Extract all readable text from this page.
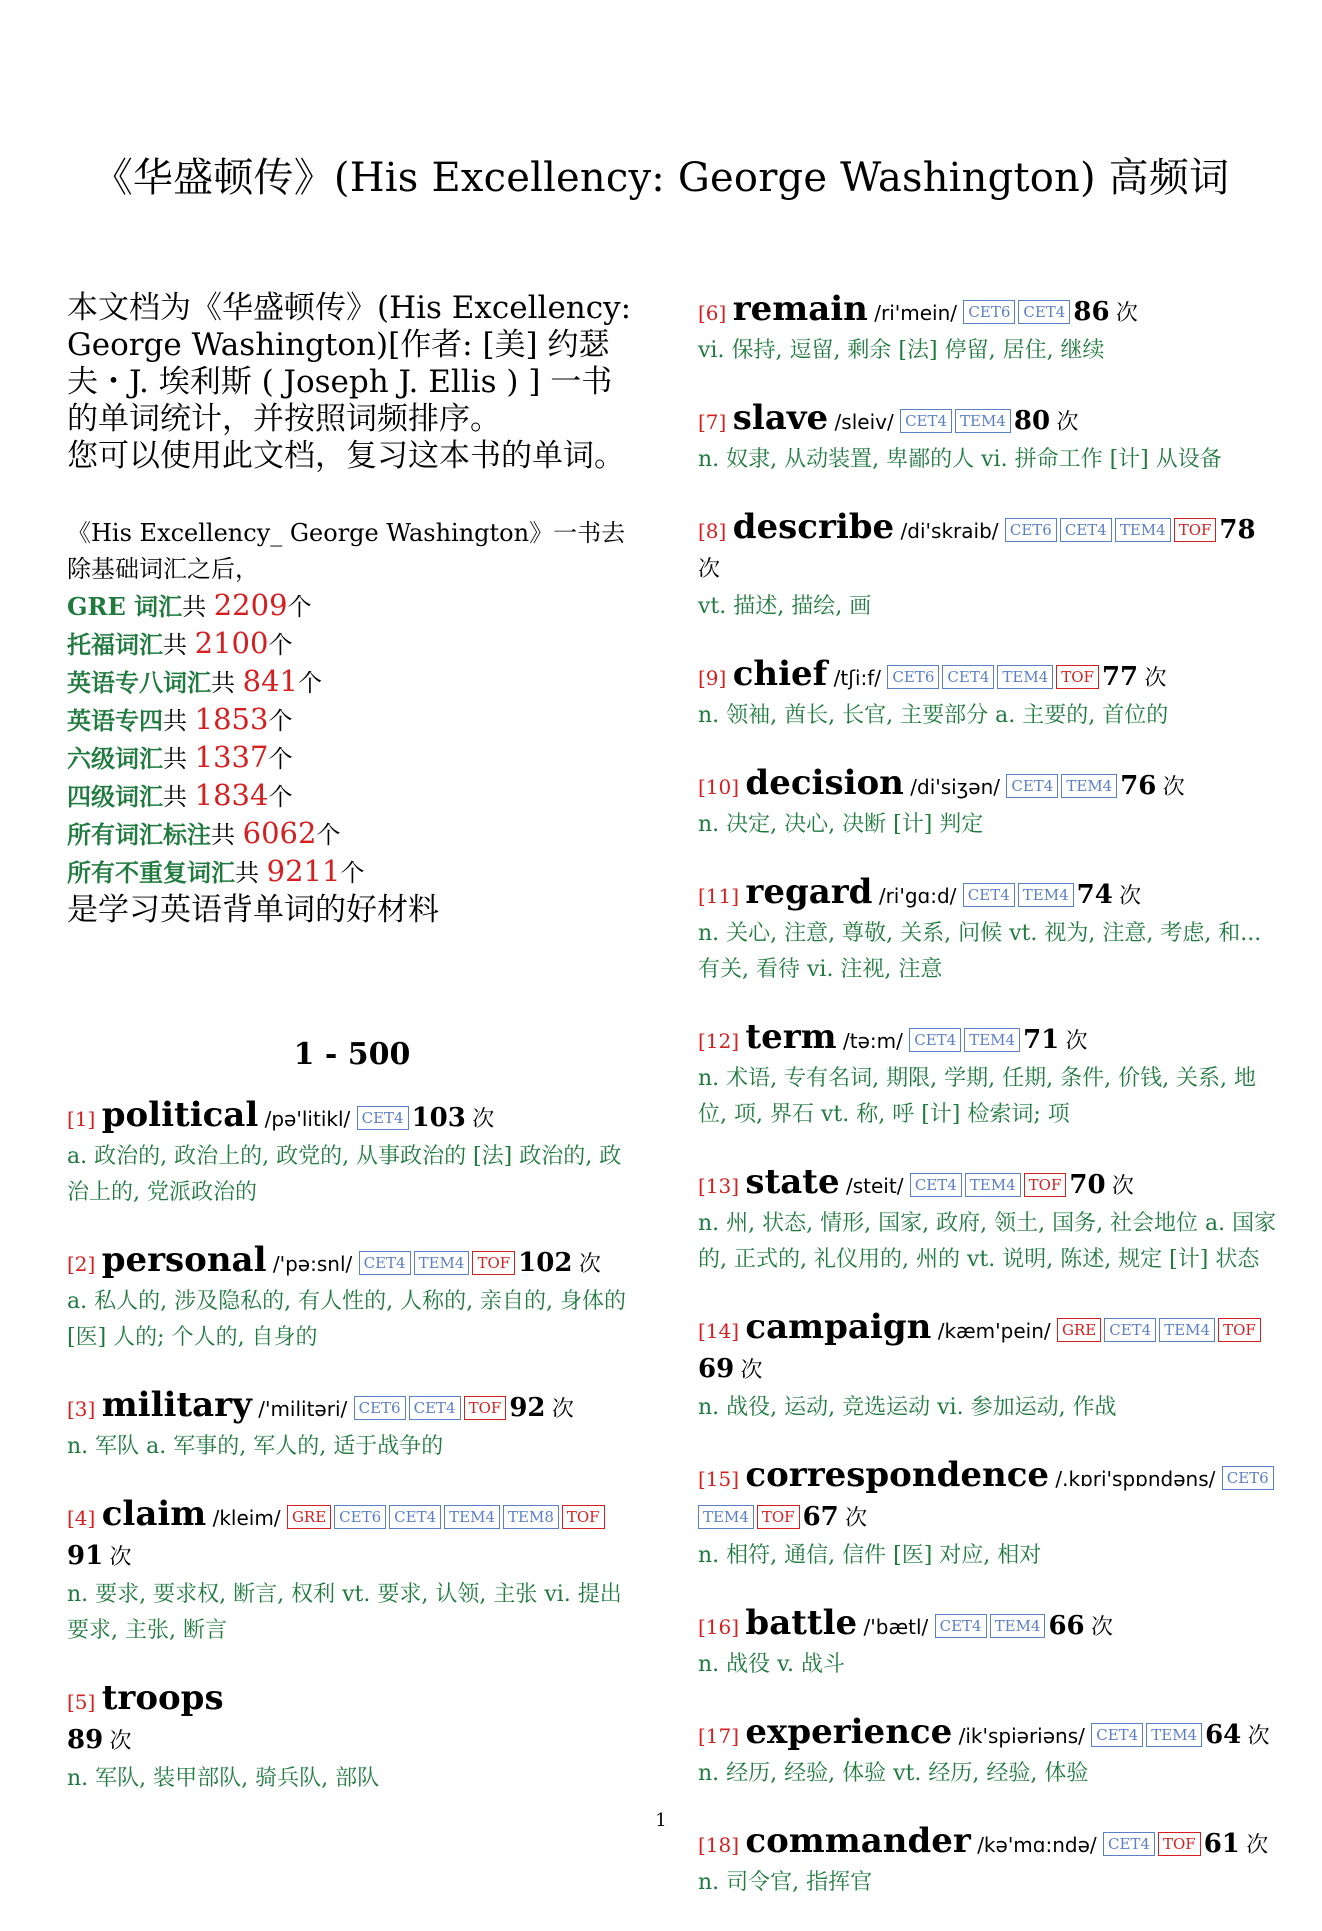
《华盛顿传》(His Excellency: George Washington) 高频词
本文档为《华盛顿传》(His Excellency: George Washington)[作者: [美] 约瑟夫・J. 埃利斯 ( Joseph J. Ellis ) ] 一书的单词统计，并按照词频排序。
您可以使用此文档，复习这本书的单词。
《His Excellency_ George Washington》一书去除基础词汇之后，
GRE 词汇共 2209个
托福词汇共 2100个
英语专八词汇共 841个
英语专四共 1853个
六级词汇共 1337个
四级词汇共 1834个
所有词汇标注共 6062个
所有不重复词汇共 9211个
是学习英语背单词的好材料
1 - 500
[1] political /pə'litikl/ CET4 103 次
a. 政治的, 政治上的, 政党的, 从事政治的 [法] 政治的, 政治上的, 党派政治的
[2] personal /'pə:snl/ CET4 TEM4 TOF 102 次
a. 私人的, 涉及隐私的, 有人性的, 人称的, 亲自的, 身体的 [医] 人的; 个人的, 自身的
[3] military /'militəri/ CET6 CET4 TOF 92 次
n. 军队 a. 军事的, 军人的, 适于战争的
[4] claim /kleim/ GRE CET6 CET4 TEM4 TEM8 TOF91 次
n. 要求, 要求权, 断言, 权利 vt. 要求, 认领, 主张 vi. 提出要求, 主张, 断言
[5] troops
89 次
n. 军队, 装甲部队, 骑兵队, 部队
[6] remain /ri'mein/ CET6 CET4 86 次
vi. 保持, 逗留, 剩余 [法] 停留, 居住, 继续
[7] slave /sleiv/ CET4 TEM4 80 次
n. 奴隶, 从动装置, 卑鄙的人 vi. 拼命工作 [计] 从设备
[8] describe /di'skraib/ CET6 CET4 TEM4 TOF 78 次
vt. 描述, 描绘, 画
[9] chief /tʃi:f/ CET6 CET4 TEM4 TOF 77 次
n. 领袖, 酋长, 长官, 主要部分 a. 主要的, 首位的
[10] decision /di'siʒən/ CET4 TEM4 76 次
n. 决定, 决心, 决断 [计] 判定
[11] regard /ri'gɑ:d/ CET4 TEM4 74 次
n. 关心, 注意, 尊敬, 关系, 问候 vt. 视为, 注意, 考虑, 和...有关, 看待 vi. 注视, 注意
[12] term /tə:m/ CET4 TEM4 71 次
n. 术语, 专有名词, 期限, 学期, 任期, 条件, 价钱, 关系, 地位, 项, 界石 vt. 称, 呼 [计] 检索词; 项
[13] state /steit/ CET4 TEM4 TOF 70 次
n. 州, 状态, 情形, 国家, 政府, 领土, 国务, 社会地位 a. 国家的, 正式的, 礼仪用的, 州的 vt. 说明, 陈述, 规定 [计] 状态
[14] campaign /kæm'pein/ GRE CET4 TEM4 TOF69 次
n. 战役, 运动, 竞选运动 vi. 参加运动, 作战
[15] correspondence /.kɒri'spɒndəns/ CET6TEM4 TOF 67 次
n. 相符, 通信, 信件 [医] 对应, 相对
[16] battle /'bætl/ CET4 TEM4 66 次
n. 战役 v. 战斗
[17] experience /ik'spiəriəns/ CET4 TEM4 64 次
n. 经历, 经验, 体验 vt. 经历, 经验, 体验
[18] commander /kə'mɑ:ndə/ CET4 TOF 61 次
n. 司令官, 指挥官
1
